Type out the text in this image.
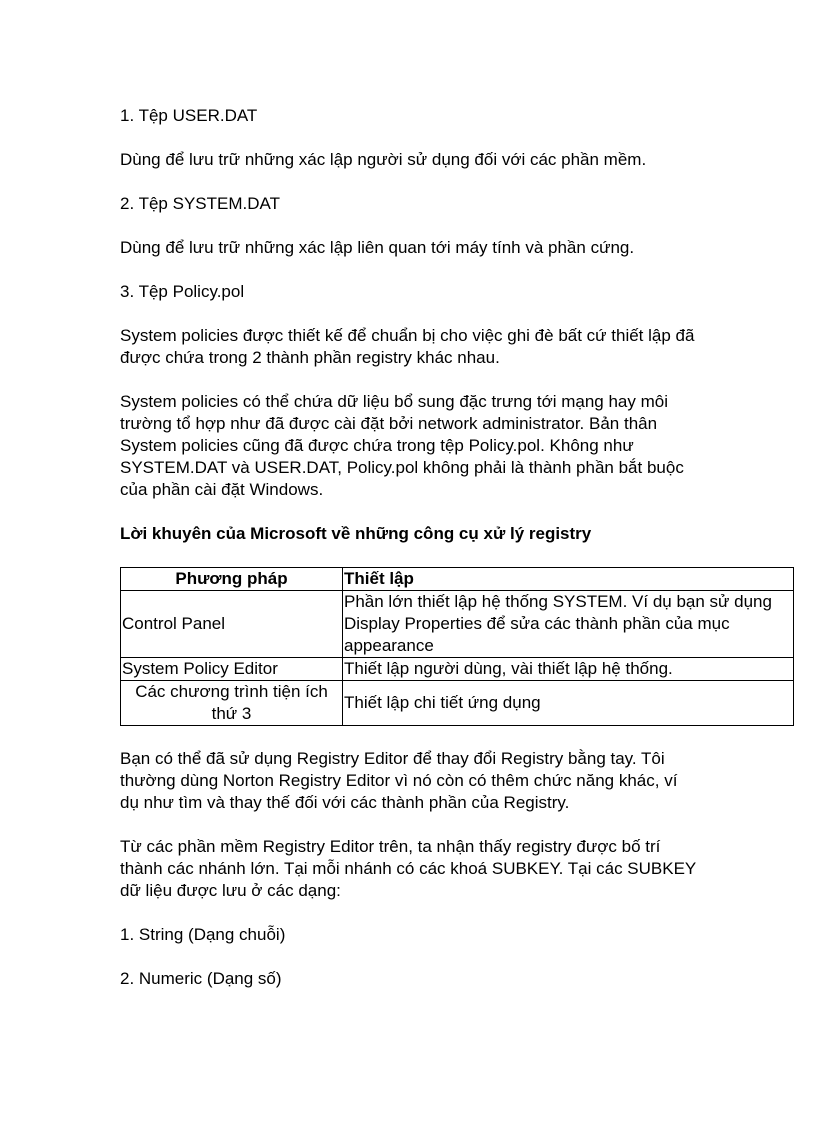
1. Tệp USER.DAT

Dùng để lưu trữ những xác lập người sử dụng đối với các phần mềm.

2. Tệp SYSTEM.DAT

Dùng để lưu trữ những xác lập liên quan tới máy tính và phần cứng.

3. Tệp Policy.pol

System policies được thiết kế để chuẩn bị cho việc ghi đè bất cứ thiết lập đã được chứa trong 2 thành phần registry khác nhau.

System policies có thể chứa dữ liệu bổ sung đặc trưng tới mạng hay môi trường tổ hợp như đã được cài đặt bởi network administrator. Bản thân System policies cũng đã được chứa trong tệp Policy.pol. Không như SYSTEM.DAT và USER.DAT, Policy.pol không phải là thành phần bắt buộc của phần cài đặt Windows.

Lời khuyên của Microsoft về những công cụ xử lý registry

Phương pháp	Thiết lập
Control Panel	Phần lớn thiết lập hệ thống SYSTEM. Ví dụ bạn sử dụng Display Properties để sửa các thành phần của mục appearance
System Policy Editor	Thiết lập người dùng, vài thiết lập hệ thống.
Các chương trình tiện ích thứ 3	Thiết lập chi tiết ứng dụng

Bạn có thể đã sử dụng Registry Editor để thay đổi Registry bằng tay. Tôi thường dùng Norton Registry Editor vì nó còn có thêm chức năng khác, ví dụ như tìm và thay thế đối với các thành phần của Registry.

Từ các phần mềm Registry Editor trên, ta nhận thấy registry được bố trí thành các nhánh lớn. Tại mỗi nhánh có các khoá SUBKEY. Tại các SUBKEY dữ liệu được lưu ở các dạng:

1. String (Dạng chuỗi)

2. Numeric (Dạng số)
